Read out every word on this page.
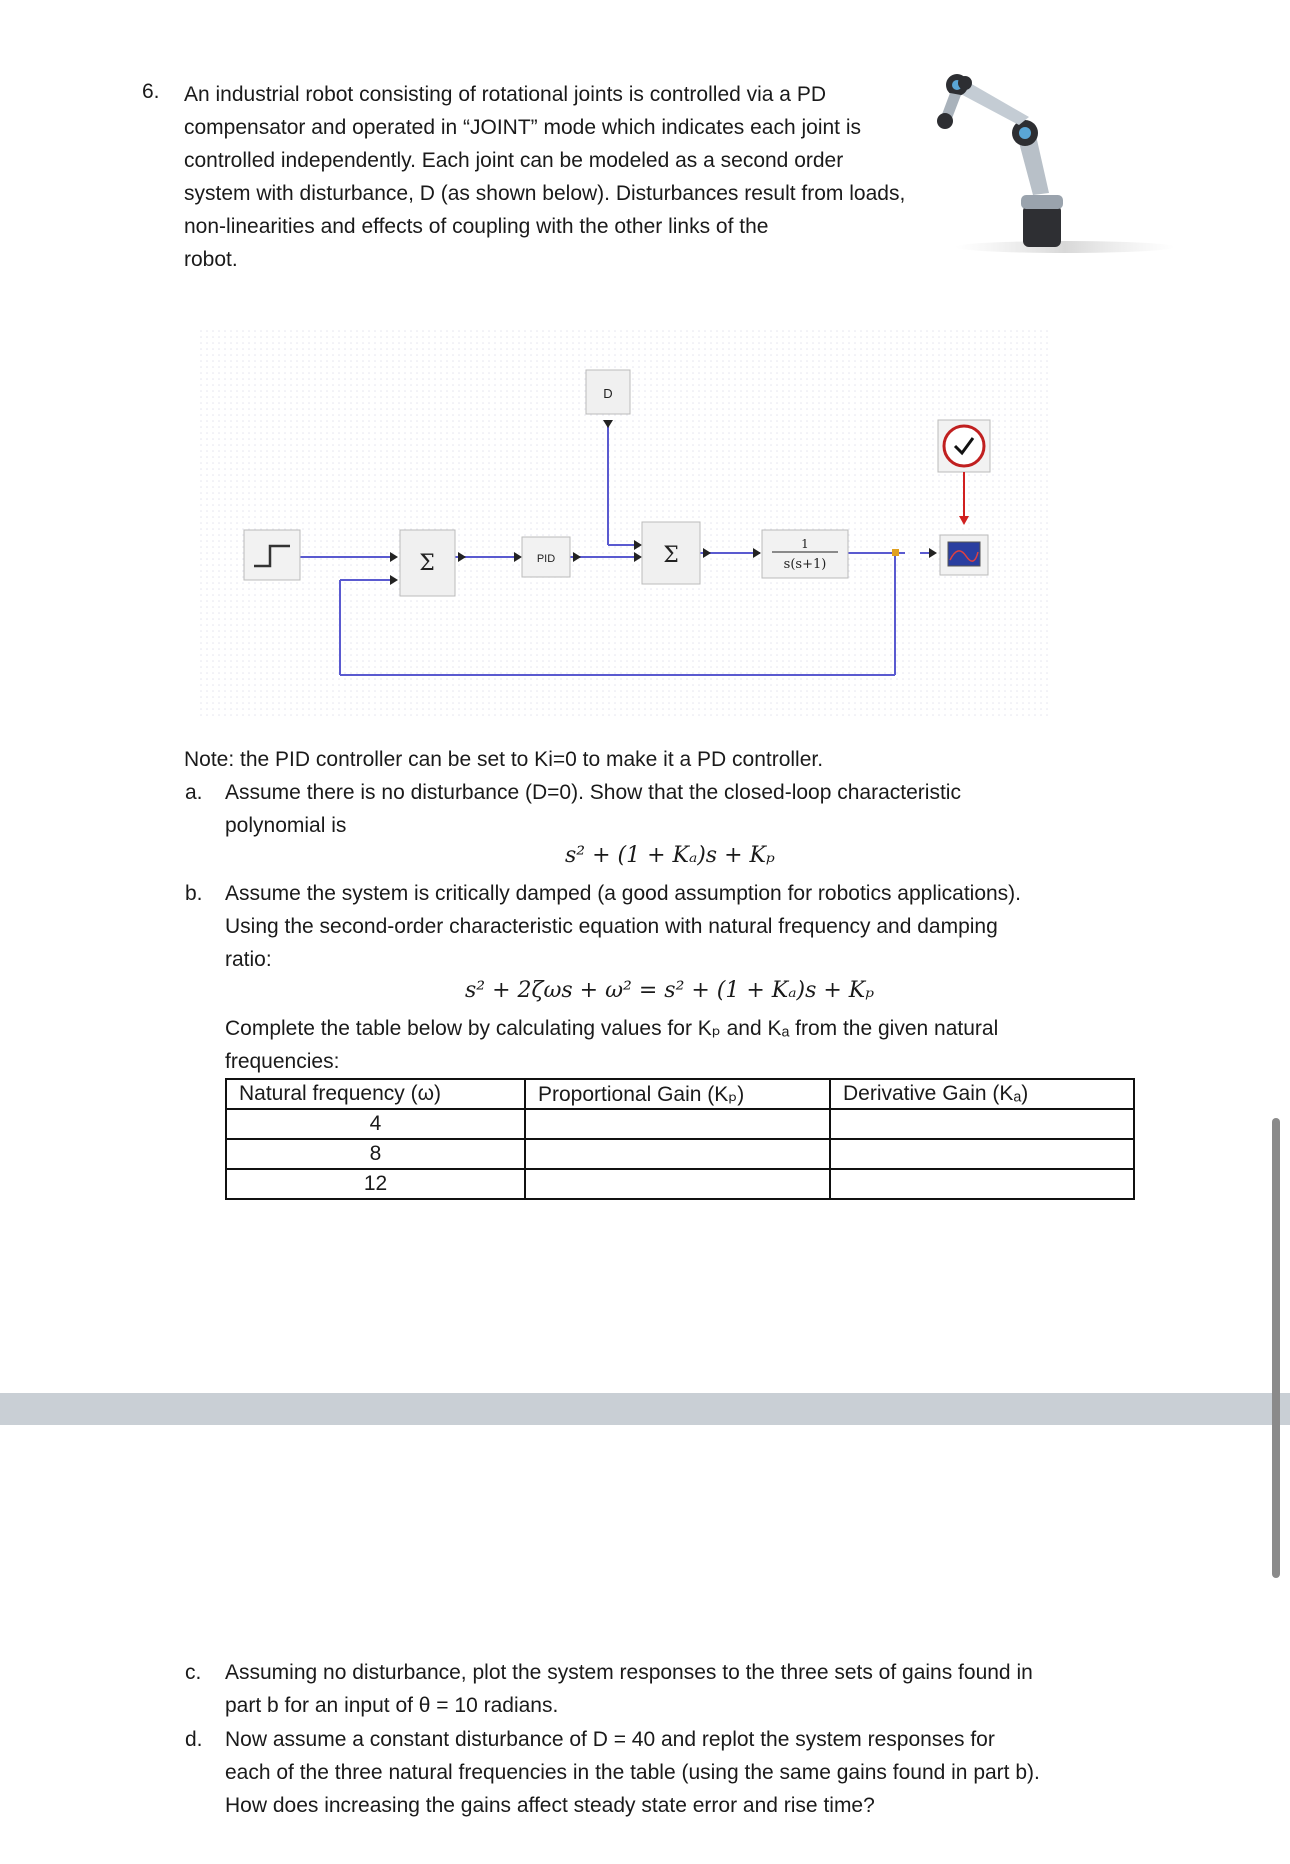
6. An industrial robot consisting of rotational joints is controlled via a PD
compensator and operated in “JOINT” mode which indicates each joint is
controlled independently. Each joint can be modeled as a second order
system with disturbance, D (as shown below). Disturbances result from loads,
non-linearities and effects of coupling with the other links of the
robot.
Σ	PID
D
Σ	1
s(s+1)
Note: the PID controller can be set to Ki=0 to make it a PD controller.
a. Assume there is no disturbance (D=0). Show that the closed-loop characteristic
polynomial is
s² + (1 + Kₐ)s + Kₚ
b. Assume the system is critically damped (a good assumption for robotics applications).
Using the second-order characteristic equation with natural frequency and damping
ratio:
s² + 2ζωs + ω² = s² + (1 + Kₐ)s + Kₚ
Complete the table below by calculating values for Kₚ and Kₐ from the given natural
frequencies:
Natural frequency (ω)	Proportional Gain (Kₚ)	Derivative Gain (Kₐ)
4		
8		
12		
c. Assuming no disturbance, plot the system responses to the three sets of gains found in
part b for an input of θ = 10 radians.
d. Now assume a constant disturbance of D = 40 and replot the system responses for
each of the three natural frequencies in the table (using the same gains found in part b).
How does increasing the gains affect steady state error and rise time?
